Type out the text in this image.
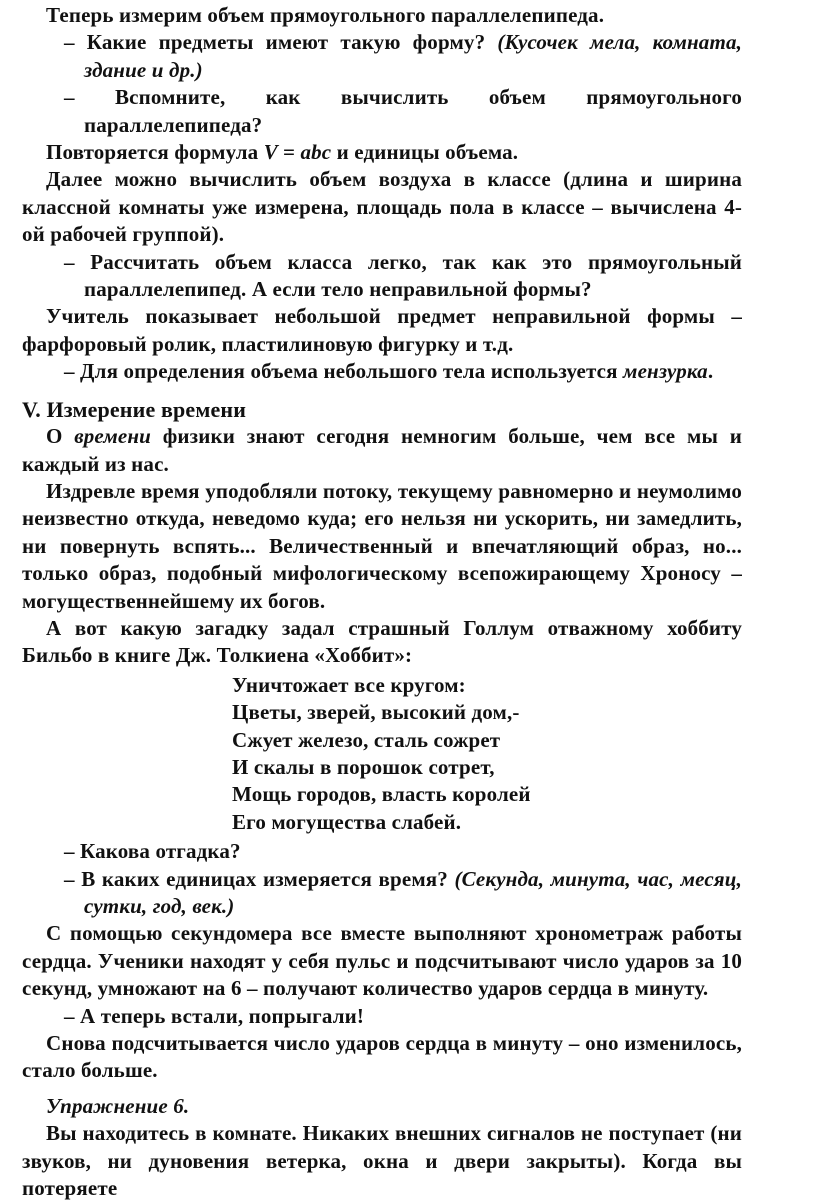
Теперь измерим объем прямоугольного параллелепипеда.

– Какие предметы имеют такую форму? (Кусочек мела, комната, здание и др.)

– Вспомните, как вычислить объем прямоугольного параллелепипеда?

Повторяется формула V = abc и единицы объема.

Далее можно вычислить объем воздуха в классе (длина и ширина классной комнаты уже измерена, площадь пола в классе – вычислена 4-ой рабочей группой).

– Рассчитать объем класса легко, так как это прямоугольный параллелепипед. А если тело неправильной формы?

Учитель показывает небольшой предмет неправильной формы – фарфоровый ролик, пластилиновую фигурку и т.д.

– Для определения объема небольшого тела используется мензурка.

V. Измерение времени

О времени физики знают сегодня немногим больше, чем все мы и каждый из нас.

Издревле время уподобляли потоку, текущему равномерно и неумолимо неизвестно откуда, неведомо куда; его нельзя ни ускорить, ни замедлить, ни повернуть вспять... Величественный и впечатляющий образ, но... только образ, подобный мифологическому всепожирающему Хроносу – могущественнейшему их богов.

А вот какую загадку задал страшный Голлум отважному хоббиту Бильбо в книге Дж. Толкиена «Хоббит»:

Уничтожает все кругом:
Цветы, зверей, высокий дом,-
Сжует железо, сталь сожрет
И скалы в порошок сотрет,
Мощь городов, власть королей
Его могущества слабей.

– Какова отгадка?

– В каких единицах измеряется время? (Секунда, минута, час, месяц, сутки, год, век.)

С помощью секундомера все вместе выполняют хронометраж работы сердца. Ученики находят у себя пульс и подсчитывают число ударов за 10 секунд, умножают на 6 – получают количество ударов сердца в минуту.

– А теперь встали, попрыгали!

Снова подсчитывается число ударов сердца в минуту – оно изменилось, стало больше.

Упражнение 6.

Вы находитесь в комнате. Никаких внешних сигналов не поступает (ни звуков, ни дуновения ветерка, окна и двери закрыты). Когда вы потеряете
